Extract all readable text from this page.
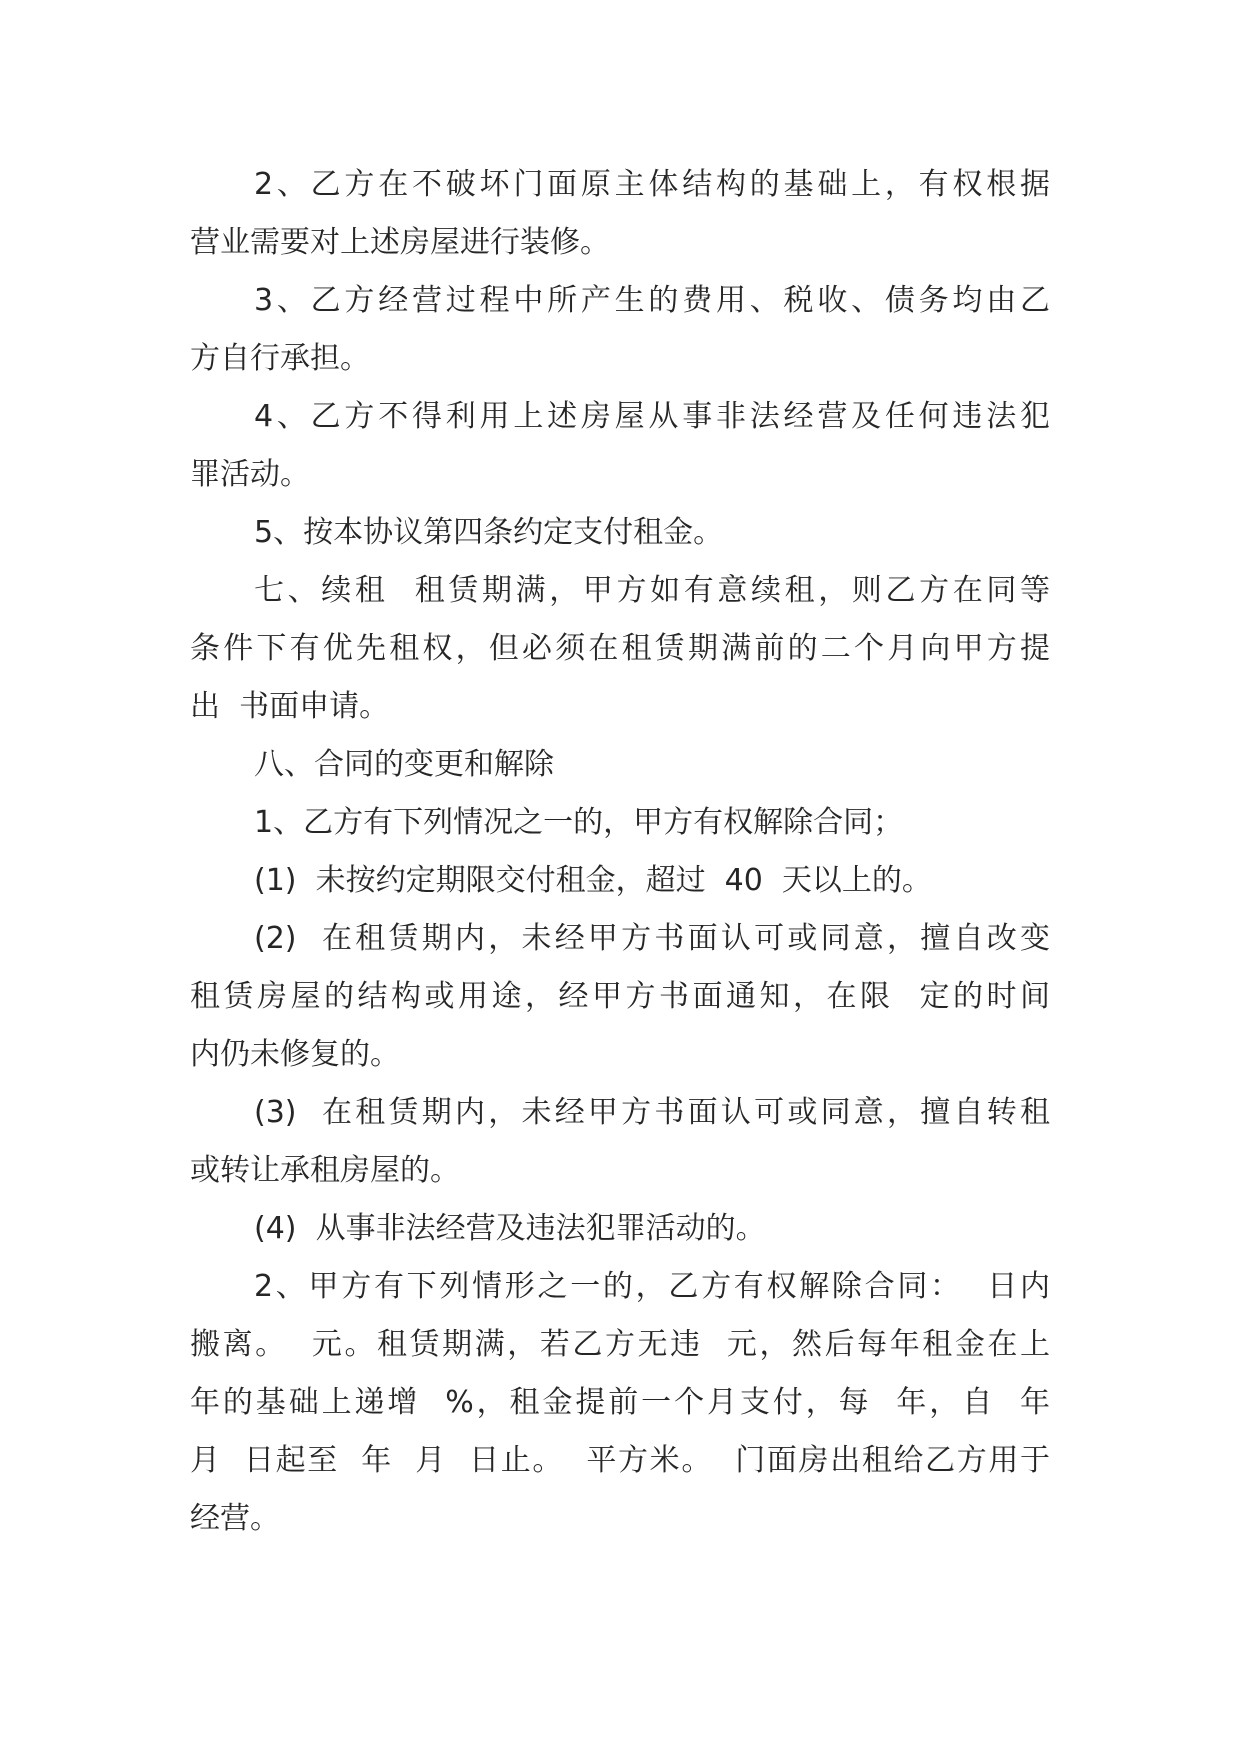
2、乙方在不破坏门面原主体结构的基础上，有权根据
营业需要对上述房屋进行装修。
3、乙方经营过程中所产生的费用、税收、债务均由乙
方自行承担。
4、乙方不得利用上述房屋从事非法经营及任何违法犯
罪活动。
5、按本协议第四条约定支付租金。
七、续租  租赁期满，甲方如有意续租，则乙方在同等
条件下有优先租权，但必须在租赁期满前的二个月向甲方提
出  书面申请。
八、合同的变更和解除
1、乙方有下列情况之一的，甲方有权解除合同；
(1)  未按约定期限交付租金，超过  40  天以上的。
(2)  在租赁期内，未经甲方书面认可或同意，擅自改变
租赁房屋的结构或用途，经甲方书面通知，在限  定的时间
内仍未修复的。
(3)  在租赁期内，未经甲方书面认可或同意，擅自转租
或转让承租房屋的。
(4)  从事非法经营及违法犯罪活动的。
2、甲方有下列情形之一的，乙方有权解除合同：  日内
搬离。  元。租赁期满，若乙方无违  元，然后每年租金在上
年的基础上递增  %，租金提前一个月支付，每  年，自  年
月  日起至  年  月  日止。  平方米。  门面房出租给乙方用于
经营。
